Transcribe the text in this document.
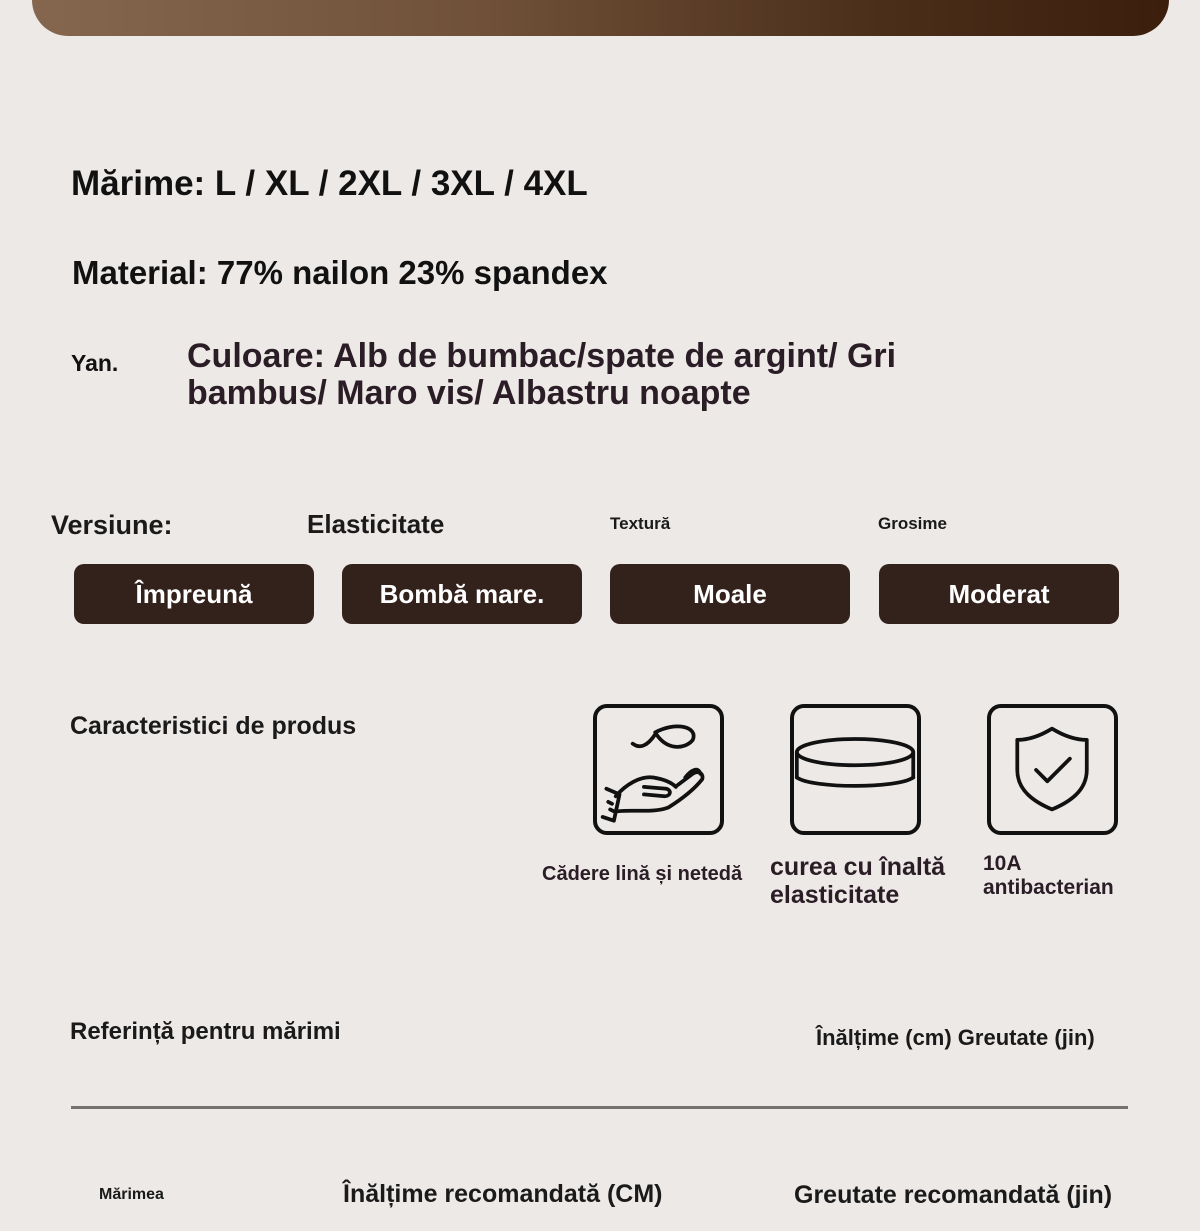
Mărime: L / XL / 2XL / 3XL / 4XL
Material: 77% nailon 23% spandex
Yan. Culoare: Alb de bumbac/spate de argint/ Gri bambus/ Maro vis/ Albastru noapte
Versiune:	Elasticitate	Textură	Grosime
Împreună	Bombă mare.	Moale	Moderat
Caracteristici de produs
Cădere lină și netedă curea cu înaltă elasticitate
10A antibacterian
Referință pentru mărimi	Înălțime (cm) Greutate (jin)
Mărimea	Înălțime recomandată (CM)	Greutate recomandată (jin)
